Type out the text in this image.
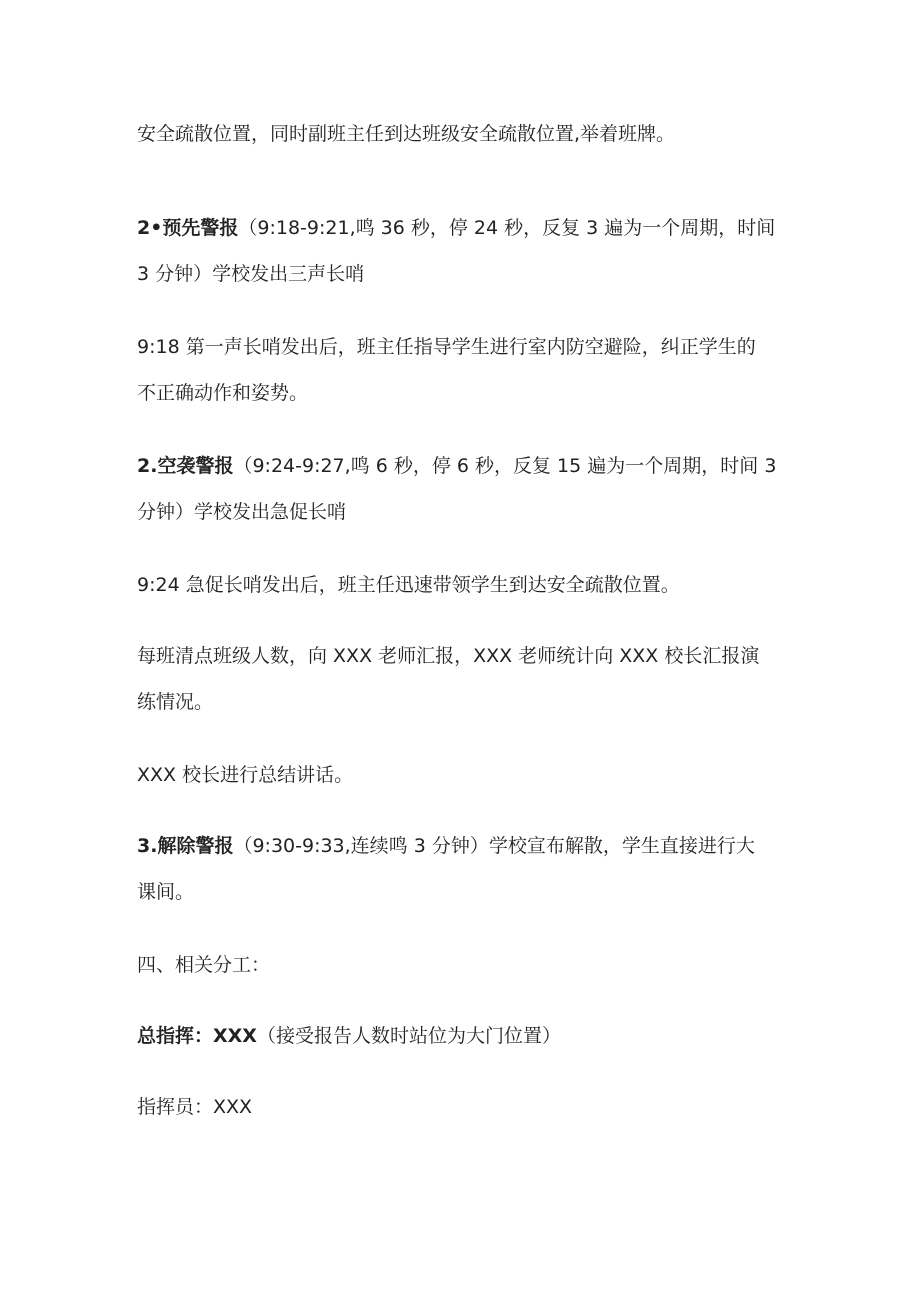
安全疏散位置，同时副班主任到达班级安全疏散位置,举着班牌。
2•预先警报（9:18-9:21,鸣 36 秒，停 24 秒，反复 3 遍为一个周期，时间
3 分钟）学校发出三声长哨
9:18 第一声长哨发出后，班主任指导学生进行室内防空避险，纠正学生的
不正确动作和姿势。
2.空袭警报（9:24-9:27,鸣 6 秒，停 6 秒，反复 15 遍为一个周期，时间 3
分钟）学校发出急促长哨
9:24 急促长哨发出后，班主任迅速带领学生到达安全疏散位置。
每班清点班级人数，向 XXX 老师汇报，XXX 老师统计向 XXX 校长汇报演
练情况。
XXX 校长进行总结讲话。
3.解除警报（9:30-9:33,连续鸣 3 分钟）学校宣布解散，学生直接进行大
课间。
四、相关分工：
总指挥：XXX（接受报告人数时站位为大门位置）
指挥员：XXX
